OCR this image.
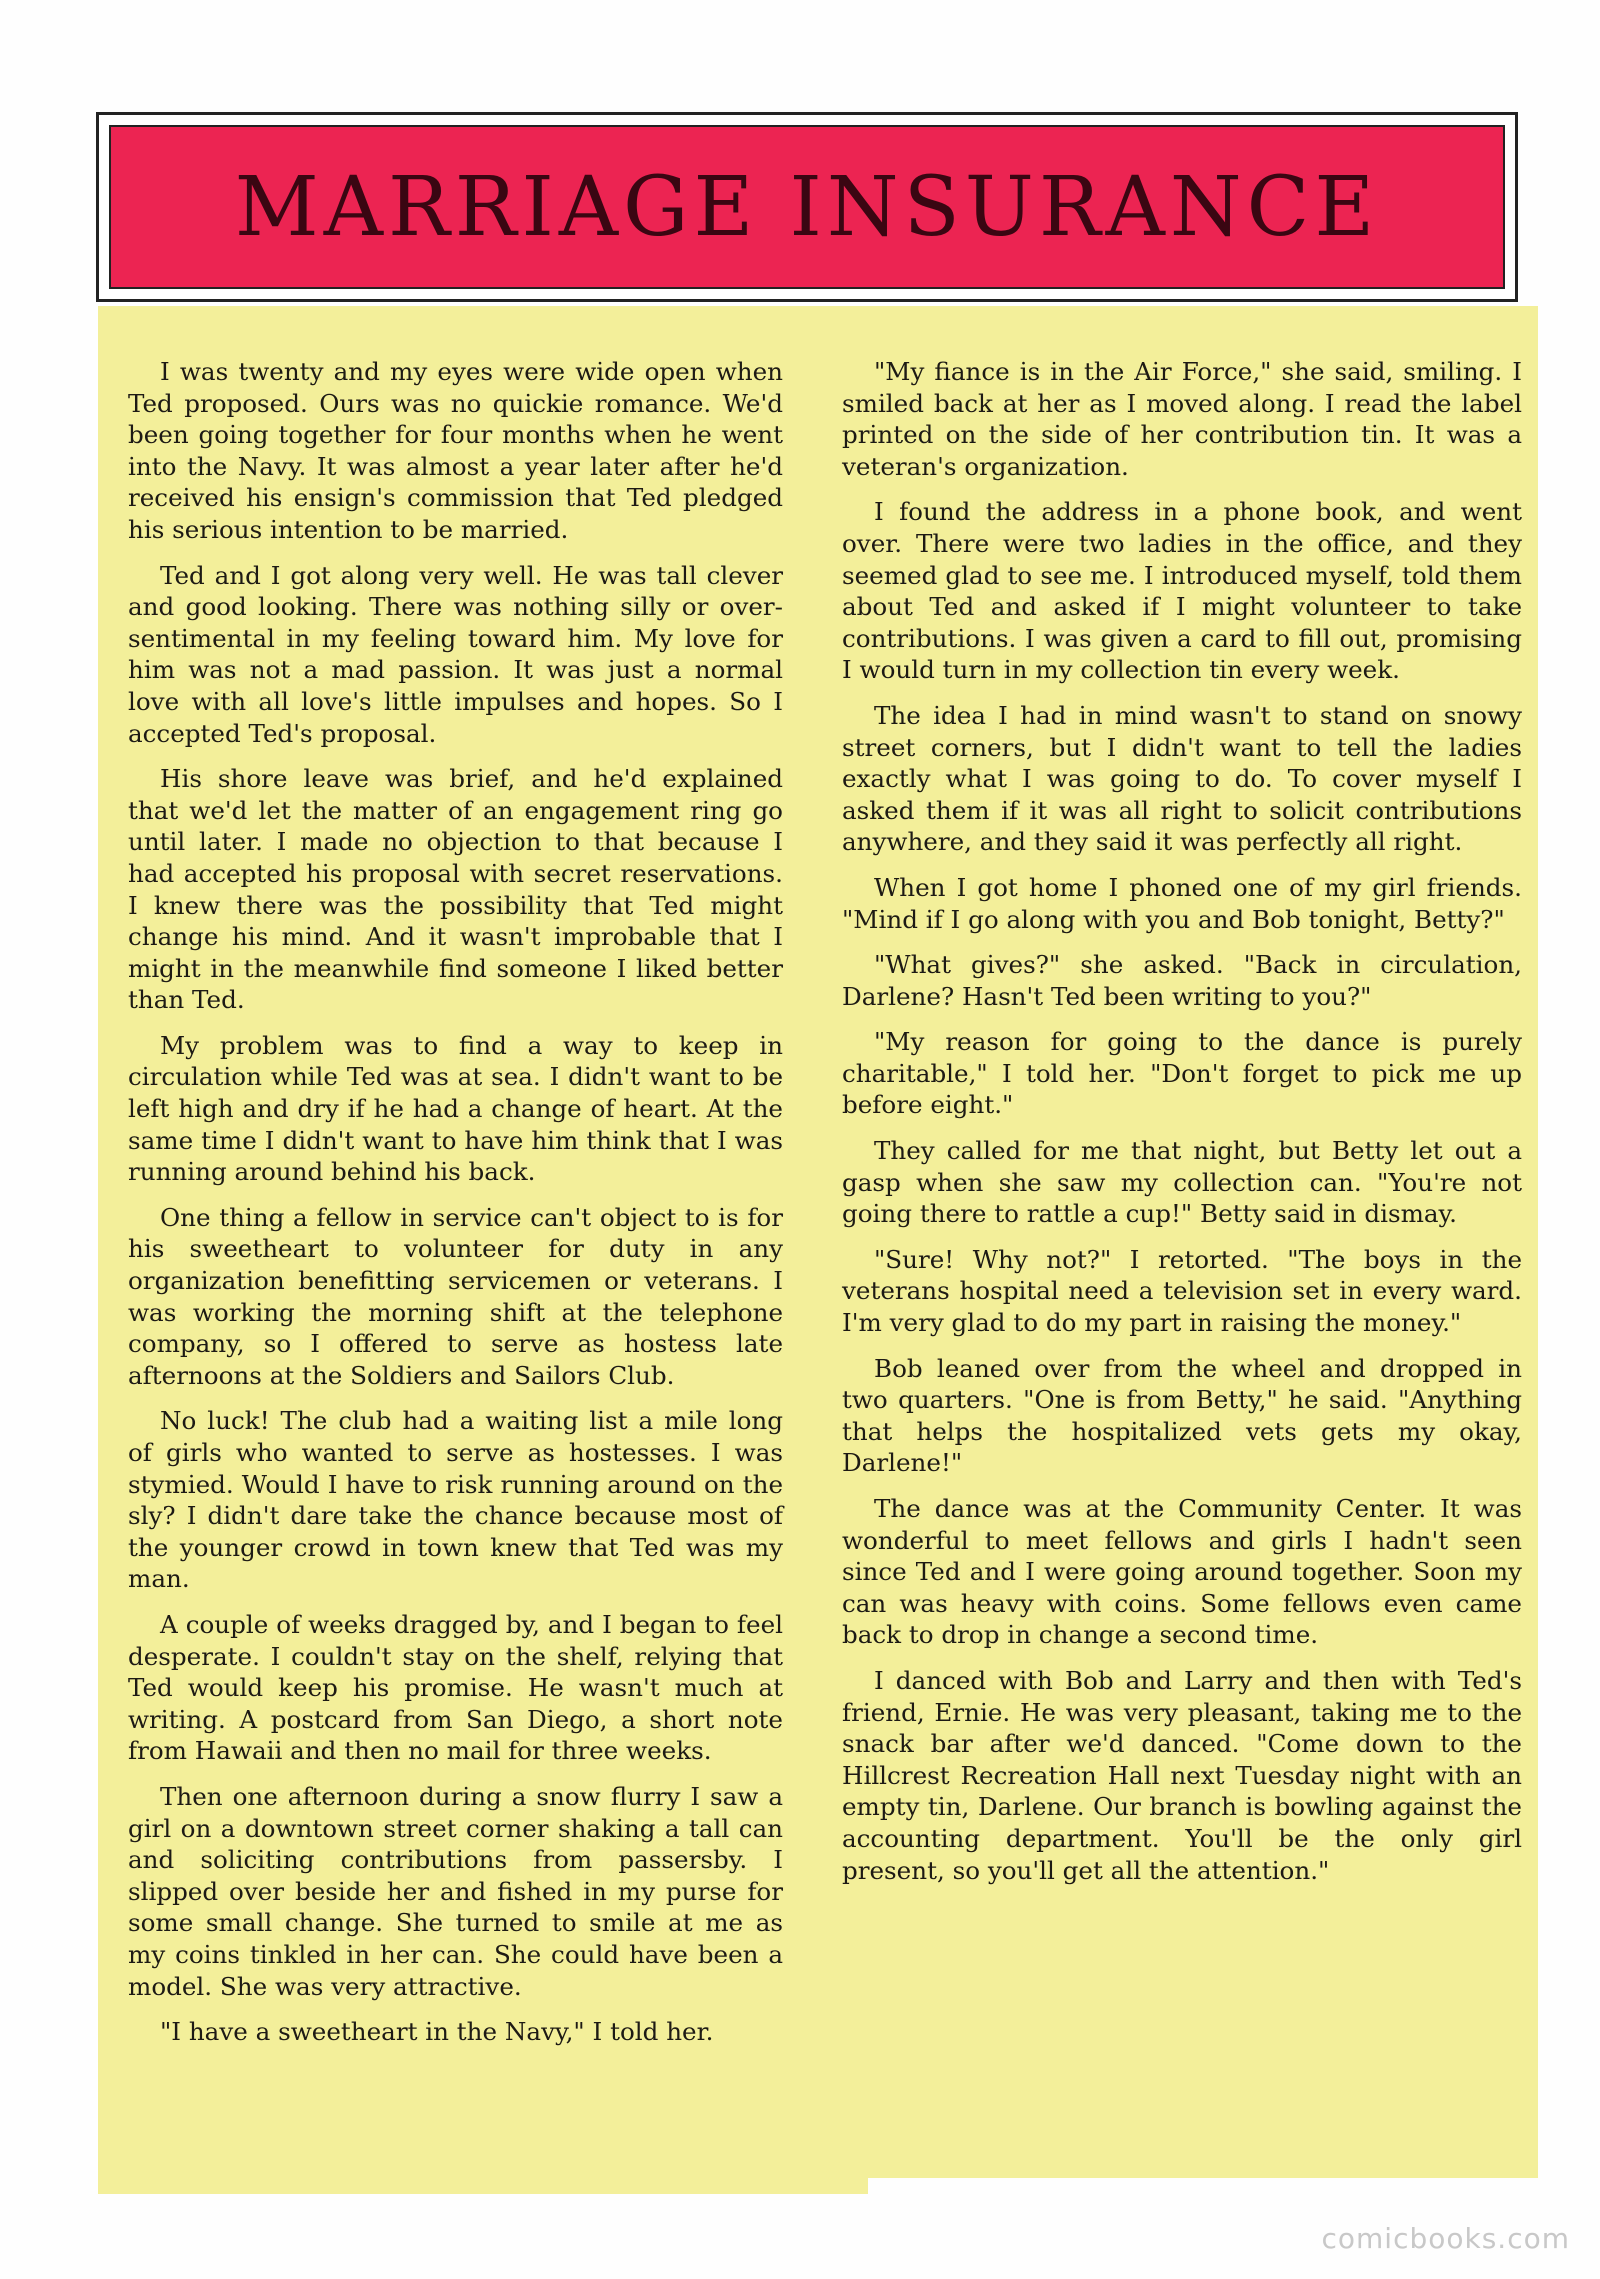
MARRIAGE INSURANCE

I was twenty and my eyes were wide open when Ted proposed. Ours was no quickie romance. We'd been going together for four months when he went into the Navy. It was almost a year later after he'd received his ensign's commission that Ted pledged his serious intention to be married.

Ted and I got along very well. He was tall clever and good looking. There was nothing silly or over-sentimental in my feeling toward him. My love for him was not a mad passion. It was just a normal love with all love's little impulses and hopes. So I accepted Ted's proposal.

His shore leave was brief, and he'd explained that we'd let the matter of an engagement ring go until later. I made no objection to that because I had accepted his proposal with secret reservations. I knew there was the possibility that Ted might change his mind. And it wasn't improbable that I might in the meanwhile find someone I liked better than Ted.

My problem was to find a way to keep in circulation while Ted was at sea. I didn't want to be left high and dry if he had a change of heart. At the same time I didn't want to have him think that I was running around behind his back.

One thing a fellow in service can't object to is for his sweetheart to volunteer for duty in any organization benefitting servicemen or veterans. I was working the morning shift at the telephone company, so I offered to serve as hostess late afternoons at the Soldiers and Sailors Club.

No luck! The club had a waiting list a mile long of girls who wanted to serve as hostesses. I was stymied. Would I have to risk running around on the sly? I didn't dare take the chance because most of the younger crowd in town knew that Ted was my man.

A couple of weeks dragged by, and I began to feel desperate. I couldn't stay on the shelf, relying that Ted would keep his promise. He wasn't much at writing. A postcard from San Diego, a short note from Hawaii and then no mail for three weeks.

Then one afternoon during a snow flurry I saw a girl on a downtown street corner shaking a tall can and soliciting contributions from passersby. I slipped over beside her and fished in my purse for some small change. She turned to smile at me as my coins tinkled in her can. She could have been a model. She was very attractive.

"I have a sweetheart in the Navy," I told her.

"My fiance is in the Air Force," she said, smiling. I smiled back at her as I moved along. I read the label printed on the side of her contribution tin. It was a veteran's organization.

I found the address in a phone book, and went over. There were two ladies in the office, and they seemed glad to see me. I introduced myself, told them about Ted and asked if I might volunteer to take contributions. I was given a card to fill out, promising I would turn in my collection tin every week.

The idea I had in mind wasn't to stand on snowy street corners, but I didn't want to tell the ladies exactly what I was going to do. To cover myself I asked them if it was all right to solicit contributions anywhere, and they said it was perfectly all right.

When I got home I phoned one of my girl friends. "Mind if I go along with you and Bob tonight, Betty?"

"What gives?" she asked. "Back in circulation, Darlene? Hasn't Ted been writing to you?"

"My reason for going to the dance is purely charitable," I told her. "Don't forget to pick me up before eight."

They called for me that night, but Betty let out a gasp when she saw my collection can. "You're not going there to rattle a cup!" Betty said in dismay.

"Sure! Why not?" I retorted. "The boys in the veterans hospital need a television set in every ward. I'm very glad to do my part in raising the money."

Bob leaned over from the wheel and dropped in two quarters. "One is from Betty," he said. "Anything that helps the hospitalized vets gets my okay, Darlene!"

The dance was at the Community Center. It was wonderful to meet fellows and girls I hadn't seen since Ted and I were going around together. Soon my can was heavy with coins. Some fellows even came back to drop in change a second time.

I danced with Bob and Larry and then with Ted's friend, Ernie. He was very pleasant, taking me to the snack bar after we'd danced. "Come down to the Hillcrest Recreation Hall next Tuesday night with an empty tin, Darlene. Our branch is bowling against the accounting department. You'll be the only girl present, so you'll get all the attention."

comicbooks.com
